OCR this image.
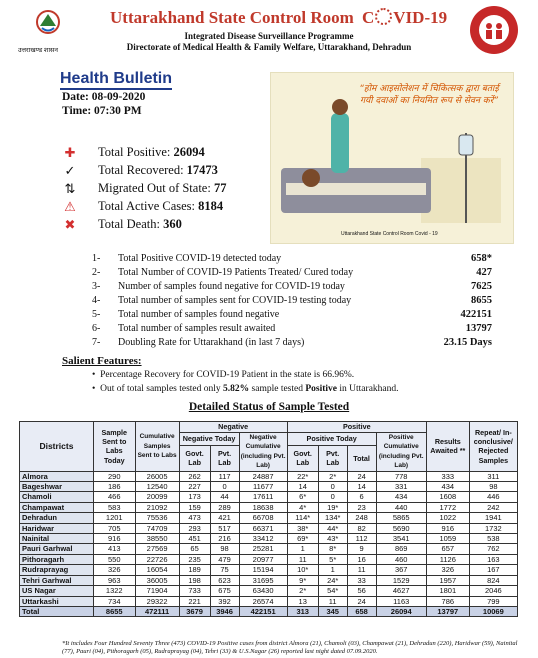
उत्तराखण्ड शासन
Uttarakhand State Control Room C VID-19
Integrated Disease Surveillance Programme
Directorate of Medical Health & Family Welfare, Uttarakhand, Dehradun
Health Bulletin
Date: 08-09-2020
Time: 07:30 PM
✚ Total Positive: 26094
✓ Total Recovered: 17473
⇅ Migrated Out of State: 77
⚠ Total Active Cases: 8184
✖ Total Death: 360
“होम आइसोलेशन में चिकित्सक द्वारा बताई गयी दवाओं का नियमित रूप से सेवन करें”
Uttarakhand State Control Room Covid - 19
1- Total Positive COVID-19 detected today	658*
2- Total Number of COVID-19 Patients Treated/ Cured today	427
3- Number of samples found negative for COVID-19 today	7625
4- Total number of samples sent for COVID-19 testing today	8655
5- Total number of samples found negative	422151
6- Total number of samples result awaited	13797
7- Doubling Rate for Uttarakhand (in last 7 days)	23.15 Days
Salient Features:
•  Percentage Recovery for COVID-19 Patient in the state is 66.96%.
•  Out of total samples tested only 5.82% sample tested Positive in Uttarakhand.
Detailed Status of Sample Tested
Districts	Sample Sent to Labs Today	Cumulative Samples Sent to Labs	Negative			Positive				Results Awaited **	Repeat/ In-conclusive/ Rejected Samples
			Negative Today		Negative Cumulative (including Pvt. Lab)	Positive Today			Positive Cumulative (including Pvt. Lab)		
			Govt. Lab	Pvt. Lab		Govt. Lab	Pvt. Lab	Total			
Almora	290	26005	262	117	24887	22*	2*	24	778	333	311
Bageshwar	186	12540	227	0	11677	14	0	14	331	434	98
Chamoli	466	20099	173	44	17611	6*	0	6	434	1608	446
Champawat	583	21092	159	289	18638	4*	19*	23	440	1772	242
Dehradun	1201	75536	473	421	66708	114*	134*	248	5865	1022	1941
Haridwar	705	74709	293	517	66371	38*	44*	82	5690	916	1732
Nainital	916	38550	451	216	33412	69*	43*	112	3541	1059	538
Pauri Garhwal	413	27569	65	98	25281	1	8*	9	869	657	762
Pithoragarh	550	22726	235	479	20977	11	5*	16	460	1126	163
Rudraprayag	326	16054	189	75	15194	10*	1	11	367	326	167
Tehri Garhwal	963	36005	198	623	31695	9*	24*	33	1529	1957	824
US Nagar	1322	71904	733	675	63430	2*	54*	56	4627	1801	2046
Uttarkashi	734	29322	221	392	26574	13	11	24	1163	786	799
Total	8655	472111	3679	3946	422151	313	345	658	26094	13797	10069
*It includes Four Hundred Seventy Three (473) COVID-19 Positive cases from district Almora (21), Chamoli (03), Champawat (21), Dehradun (220), Haridwar (59), Nainital (77), Pauri (04), Pithoragarh (05), Rudraprayag (04), Tehri (33) & U.S.Nagar (26) reported last night dated 07.09.2020.
